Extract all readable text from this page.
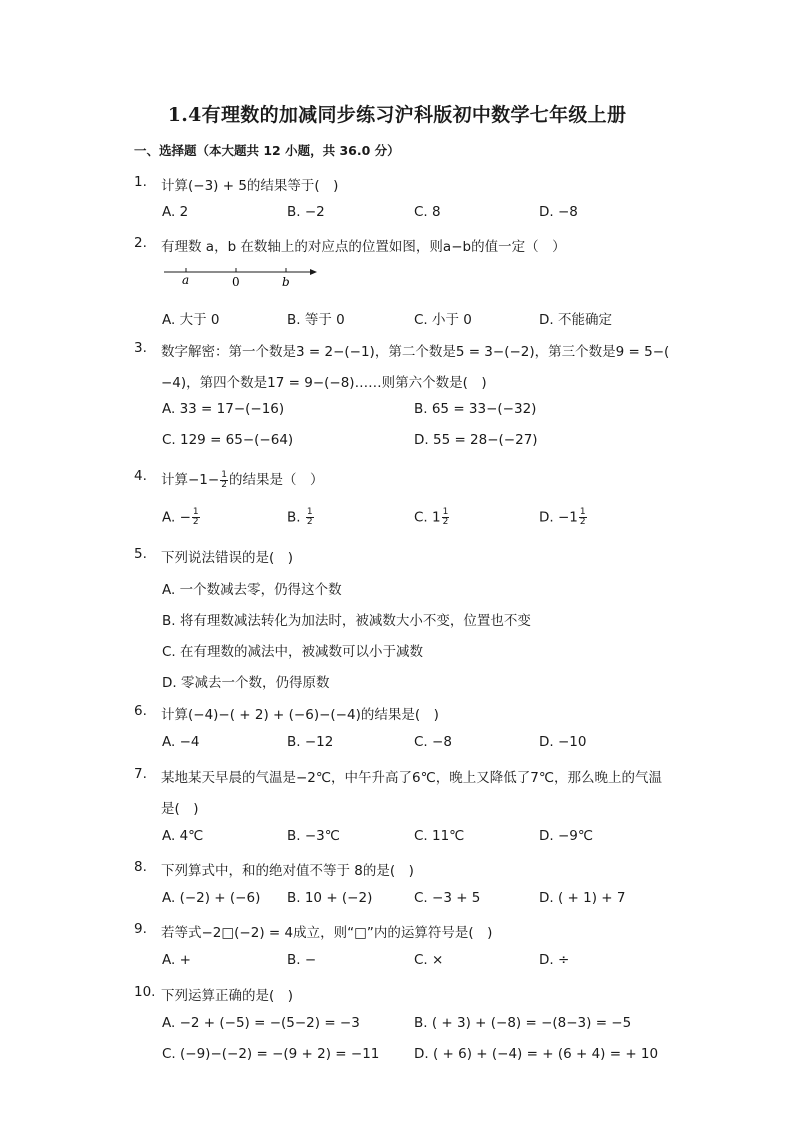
1.4有理数的加减同步练习沪科版初中数学七年级上册
一、选择题（本大题共 12 小题，共 36.0 分）
1.	计算(−3) + 5的结果等于(　)
A. 2	B. −2	C. 8	D. −8
2.	有理数 a，b 在数轴上的对应点的位置如图，则a−b的值一定（　）
a	0	b
A. 大于 0	B. 等于 0	C. 小于 0	D. 不能确定
3.	数字解密：第一个数是3 = 2−(−1)，第二个数是5 = 3−(−2)，第三个数是9 = 5−(
−4)，第四个数是17 = 9−(−8)……则第六个数是(　)
A. 33 = 17−(−16)	B. 65 = 33−(−32)
C. 129 = 65−(−64)	D. 55 = 28−(−27)
4.	计算$-1- \frac{1}{2}$ 的结果是（　）
A. − $\frac{1}{2}$	B. $\frac{1}{2}$	C. $1 \frac{1}{2}$	D. $-1 \frac{1}{2}$
5.	下列说法错误的是(　)
A. 一个数减去零，仍得这个数
B. 将有理数减法转化为加法时，被减数大小不变，位置也不变
C. 在有理数的减法中，被减数可以小于减数
D. 零减去一个数，仍得原数
6.	计算(−4)−( + 2) + (−6)−(−4)的结果是(　)
A. −4	B. −12	C. −8	D. −10
7.	某地某天早晨的气温是−2℃，中午升高了6℃，晚上又降低了7℃，那么晚上的气温
是(　)
A. 4℃	B. −3℃	C. 11℃	D. −9℃
8.	下列算式中，和的绝对值不等于 8的是(　)
A. (−2) + (−6) B. 10 + (−2)	C. −3 + 5	D. ( + 1) + 7
9.	若等式−2□(−2) = 4成立，则“□”内的运算符号是(　)
A. +	B. −	C. ×	D. ÷
10. 下列运算正确的是(　)
A. −2 + (−5) = −(5−2) = −3	B. ( + 3) + (−8) = −(8−3) = −5
C. (−9)−(−2) = −(9 + 2) = −11	D. ( + 6) + (−4) = + (6 + 4) = + 10
